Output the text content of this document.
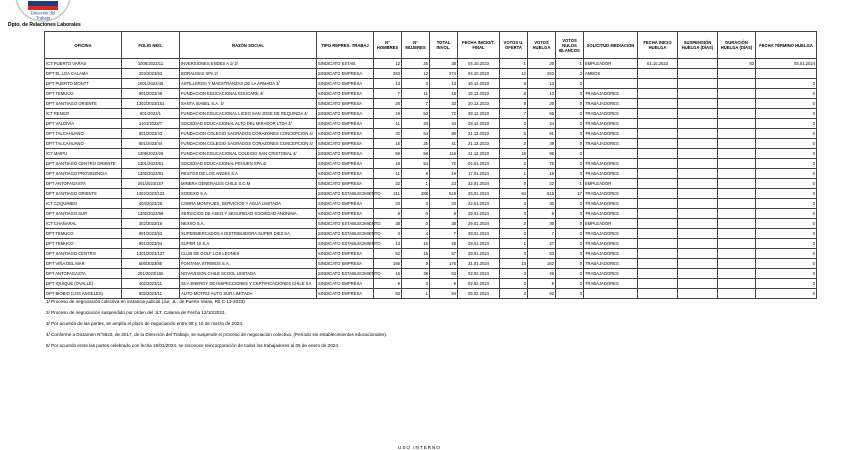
Dirección del
Trabajo
Dpto. de Relaciones Laborales
OFICINA	FOLIO NEG.	RAZÓN SOCIAL	TIPO REPRES. TRABAJ	N° HOMBRES	N° MUJERES	TOTAL INVOL.	FECHA INICIO/T. FINAL	VOTOS U. OFERTA	VOTOS HUELGA	VOTOS NULOS BLANCOS	SOLICITUD MEDIACIÓN	FECHA INICIO HUELGA	SUSPENSIÓN HUELGA (DÍAS)	DURACIÓN HUELGA (DÍAS)	FECHA TÉRMINO HUELGA
ICT PUERTO VARAS	1008/2023/11	INVERSIONES ENDES A 1/ 2/	SINDICATO ESTAB.	12	26	38	04.10.2023	1	26	1	EMPLEADOR	01.10.2023		83	05.01.2024
DPT EL LOA CALAMA	203/2023/63	BORALMAS SPA 2/	SINDICATO EMPRESA	263	12	274	04.10.2023	12	263	2	AMBOS				
DPT PUERTO MONTT	1001/2023/46	ASTILLEROS Y MAESTRANZAS DE LA ARMADA 3/	SINDICATO EMPRESA	13	0	13	16.12.2023	8	13	0					0
DPT TEMUCO	901/2023/48	FUNDACION EDUCACIONAL EDUCARE 4/	SINDICATO EMPRESA	7	11	18	15.12.2023	8	10	0	TRABAJADORES				0
DPT SANTIAGO ORIENTE	1302/2023/151	SANTA ISABEL S.A. 4/	SINDICATO EMPRESA	26	7	33	20.12.2023	8	26	0	TRABAJADORES				0
ICT RENGO	601/2023/1	FUNDACION EDUCACIONAL LICEO SAN JOSE DE REQUINOA 4/	SINDICATO EMPRESA	19	53	72	28.12.2023	7	65	0	TRABAJADORES				0
DPT VALDIVIA	1401/2023/7	SOCIEDAD EDUCACIONAL ALTO DEL MIRADOR LTDA 4/	SINDICATO EMPRESA	11	33	44	28.12.2023	0	44	0	TRABAJADORES				0
DPT TALCAHUANO	801/2023/43	FUNDACION COLEGIO SAGRADOS CORAZONES CONCEPCION 4/	SINDICATO EMPRESA	32	54	86	21.12.2023	5	81	0	TRABAJADORES				0
DPT TALCAHUANO	801/2023/44	FUNDACION COLEGIO SAGRADOS CORAZONES CONCEPCION 4/	SINDICATO EMPRESA	16	25	41	21.12.2023	2	39	0	TRABAJADORES				0
ICT MAIPU	1309/2023/26	FUNDACION EDUCACIONAL COLEGIO SAN CRISTOBAL 4/	SINDICATO EMPRESA	58	58	116	21.12.2023	18	98	0					0
DPT SANTIAGO CENTRO ORIENTE	1301/2023/61	SOCIEDAD EDUCACIONAL PEHUEN SPA 4/	SINDICATO EMPRESA	18	54	72	04.01.2024	2	75	0	TRABAJADORES				0
DPT SANTIAGO PROVIDENCIA	1302/2023/91	RESTOS DE LOS ANDES S.A	SINDICATO EMPRESA	11	8	19	17.01.2024	1	18	0	TRABAJADORES				0
DPT ANTOFAGASTA	201/2023/157	MINERA GENERALES CHILE S.C.M	SINDICATO EMPRESA	22	1	23	22.01.2024	0	22	1	EMPLEADOR				0
DPT SANTIAGO ORIENTE	1302/2023/123	SODEXO S.A.	SINDICATO ESTABLECIMIENTO	211	288	519	26.01.2024	84	515	17	TRABAJADORES				0
ICT COQUIMBO	404/2023/26	COBRA MONTAJES, SERVICIOS Y AGUA LIMITADA	SINDICATO EMPRESA	33	0	33	22.01.2024	3	30	0	TRABAJADORES				0
DPT SANTIAGO SUR	1302/2023/98	SERVICIOS DE ASEO Y SEGURIDAD SOCIEDAD ANONIMA	SINDICATO EMPRESA	8	0	8	29.01.2024	0	8	0	TRABAJADORES				0
ICT CHAÑARAL	302/2023/16	NEXXO S.A.	SINDICATO ESTABLECIMIENTO	38	0	38	29.01.2024	2	36	0	EMPLEADOR				0
DPT TEMUCO	901/2023/53	SUPERMERCADOS A DISTRIBUIDORA SUPER DIEZ SA	SINDICATO ESTABLECIMIENTO	3	4	7	28.01.2024	0	7	0	TRABAJADORES				0
DPT TEMUCO	901/2023/54	SUPER 10 S.A.	SINDICATO ESTABLECIMIENTO	13	15	28	28.01.2024	1	27	0	TRABAJADORES				0
DPT SANTIAGO CENTRO	1301/2023/137	CLUB DE GOLF LOS LEONES	SINDICATO EMPRESA	52	15	67	28.01.2024	0	53	0	TRABAJADORES				0
DPT VIÑA DEL MAR	506/2023/85	FONTANA STRIMOS S.A.	SINDICATO EMPRESA	166	9	175	31.01.2024	13	162	0	TRABAJADORES				0
DPT ANTOFAGASTA	201/2023/165	NOVAVISION CHILE SCOOL LIMITADA	SINDICATO ESTABLECIMIENTO	16	38	53	02.02.2024	3	49	0	TRABAJADORES				0
DPT IQUIQUE (OVALLE)	402/2023/11	SCA ENERGY DE INSPECCIONES Y CERTIFICACIONES CHILE SA	SINDICATO EMPRESA	9	0	9	02.02.2024	0	9	0	TRABAJADORES				0
DPT BIOBIO (LOS ANGELES)	802/2023/11	AUTO MOTRIZ AUTO SUR LIMITADA	SINDICATO EMPRESA	93	1	94	05.02.2024	2	92	0					0
1/ Proceso de negociación colectiva en instancia judicial (Jur. JL. de Puerto Varas, Rit C-13-2023)
2/ Proceso de negociación suspendido por orden del JLT. Calama de Fecha 12/10/2023.
3/ Por acuerdo de las partes, se amplía el plazo de negociación entre 08 y 15 de marzo de 2024.
4/ Conforme a Dictamen N°5823, de 2017, de la Dirección del Trabajo, se suspende el proceso de negociación colectiva. (Período sin establecimientos educacionales).
5/ Por acuerdo entre las partes celebrado con fecha 18/01/2024, se reconoce reincorporación de todos los trabajadores al 05 de enero de 2024.
USO INTERNO
